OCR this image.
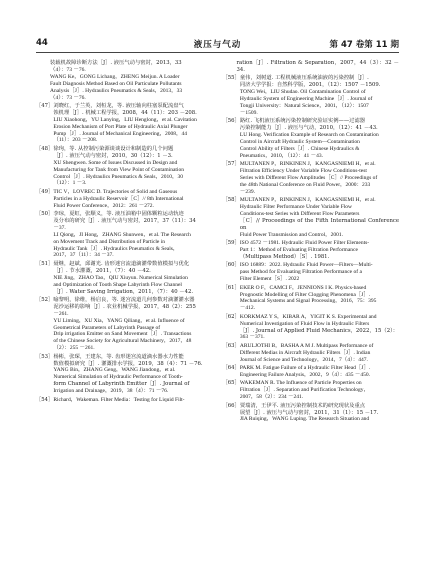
44	液压与气动	第 47 卷第 11 期
装载机故障诊断方法［J］. 液压气动与密封，2013，33
（4）：73 －76.
WANG Ke，GONG Lichang，ZHENG Meijun. A Loader
Fault Diagnosis Method Based on Oil Particulate Pollutants
Analysis［J］. Hydraulics Pneumatics & Seals，2013，33
（4）：73 －76.
［47］ 刘晓红，于兰英，刘桓龙，等. 液压轴向柱塞泵配流盘气
蚀机理［J］. 机械工程学报，2008，44（11）：203 －208.
LIU Xiaohong，YU Lanying，LIU Henglong，et al. Cavitation
Erosion Mechanism of Port Plate of Hydraulic Axial Plunger
Pump［J］. Journal of Mechanical Engineering，2008，44
（11）：203 －208.
［48］ 徐珣，等. 从控制污染源谈谈设计和制造的几个问题
［J］. 液压气动与密封，2010，30（12）：1 －3.
XU Shengwen. Some of Issues Discussed in Design and
Manufacturing for Tank from View Point of Contamination
Control［J］. Hydraulics Pneumatics & Seals，2010，30
（12）：1 －3.
［49］ TIC V，LOVREC D. Trajectories of Solid and Gaseous
Particles in a Hydraulic Reservoir［C］// 8th International
Fluid Power Conference，2012：261 －272.
［50］ 李琼，夏虹，张顺义，等. 液压油箱中固体颗粒运动轨迹
及分布的研究［J］. 液压气动与密封，2017，37（11）：34
－37.
LI Qiong，JI Hong，ZHANG Shunwen，et al. The Research
on Movement Track and Distribution of Particle in
Hydraulic Tank［J］. Hydraulics Pneumatics & Seals，
2017，37（11）：34 －37.
［51］ 聂继，赵斌，邱谢光. 齿形迷宫流道滴灌带数值模拟与优化
［J］. 节水灌溉，2011，（7）：40 －42.
NIE Jing，ZHAO Tao，QIU Xiuyun. Numerical Simulation
and Optimization of Tooth Shape Labyrinth Flow Channel
［J］. Water Saving Irrigation，2011，（7）：40 －42.
［52］ 喻黎明，徐维，杨启良，等. 迷宫流道几何参数对滴灌灌水器
泥沙运移的影响［J］. 农业机械学报，2017，48（2）：255
－261.
YU Liming，XU Xia，YANG Qiliang，et al. Influence of
Geometrical Parameters of Labyrinth Passage of
Drip irrigation Emitter on Sand Movement［J］. Transactions
of the Chinese Society for Agricultural Machinery，2017，48
（2）：255 －261.
［53］ 杨彬，张琛，王建东，等. 齿形迷宫流道滴水器水力性能
数值模拟研究［J］. 灌溉排水学报，2019，38（4）：71 －76.
YANG Bin，ZHANG Geng，WANG Jiandong，et al.
Numerical Simulation of Hydraulic Performance of Tooth-
form Channel of Labyrinth Emitter［J］. Journal of
Irrigation and Drainage，2019，38（4）：71 －76.
［54］ Richard，Wakeman. Filter Media：Testing for Liquid Filt-
ration［J］. Filtration & Separation，2007，44（3）：32 －34.
［55］ 童伟，刘树道. 工程机械液压系统油液的污染控制［J］.
同济大学学报：自然科学版，2001，（12）：1507 －1509.
TONG Wei，LIU Shudao. Oil Contamination Control of
Hydraulic System of Engineering Machine［J］. Journal of
Tongji University：Natural Science，2001，（12）：1507
－1509.
［56］ 路红. 飞机液压系统污染控制研究验证实例——过滤器
污染控制能力［J］. 液压与气动，2010，（12）：41 －43.
LU Hong. Verification Example of Research on Contamination
Control in Aircraft Hydraulic System—Contamination
Control Ability of Filters［J］. Chinese Hydraulics &
Pneumatics，2010，（12）：41 －43.
［57］ MULTANEN P，RINKINEN J，KANGASNIEMI H，et al.
Filtration Efficiency Under Variable Flow Conditions-test
Series with Different Flow Amplitudes［C］// Proceedings of
the 48th National Conference on Fluid Power，2000：233
－239.
［58］ MULTANEN P，RINKINEN J，KANGASNIEMI H，et al.
Hydraulic Filter Performance Under Variable Flow
Conditions-test Series with Different Flow Parameters
［C］// Proceedings of the Fifth International Conference on
Fluid Power Transmission and Control，2001.
［59］ ISO 4572 －1981. Hydraulic Fluid Power Filter Elements-
Part 1：Method of Evaluating Filtration Performance
（Multipass Method）［S］. 1981.
［60］ ISO 16889：2022. Hydraulic Fluid Power—Filters—Multi-
pass Method for Evaluating Filtration Performance of a
Filter Element［S］. 2022
［61］ EKER O F，CAMCI F，JENNIONS I K. Physics-based
Prognostic Modelling of Filter Clogging Phenomena［J］.
Mechanical Systems and Signal Processing，2016，75：395
－412.
［62］ KORKMAZ Y S，KIBAR A，YIGIT K S. Experimental and
Numerical Investigation of Fluid Flow in Hydraulic Filters
［J］. Journal of Applied Fluid Mechanics，2022，15（2）：
363 －371.
［63］ ARULJOTHI B，BASHA A M J. Multipass Performance of
Different Medias in Aircraft Hydraulic Filters［J］. Indian
Journal of Science and Technology，2014，7（4）：447.
［64］ PARK M. Fatigue Failure of a Hydraulic Filter Head［J］.
Engineering Failure Analysis，2002，9（4）：435 －450.
［65］ WAKEMAN R. The Influence of Particle Properties on
Filtration［J］. Separation and Purification Technology，
2007，58（2）：234 －241.
［66］ 贾瑞清，王伊平. 液压污染控制技术的研究现状及重点
展望［J］. 液压与气动与密封，2011，31（1）：15 －17.
JIA Ruiqing，WANG Luping. The Research Situation and
